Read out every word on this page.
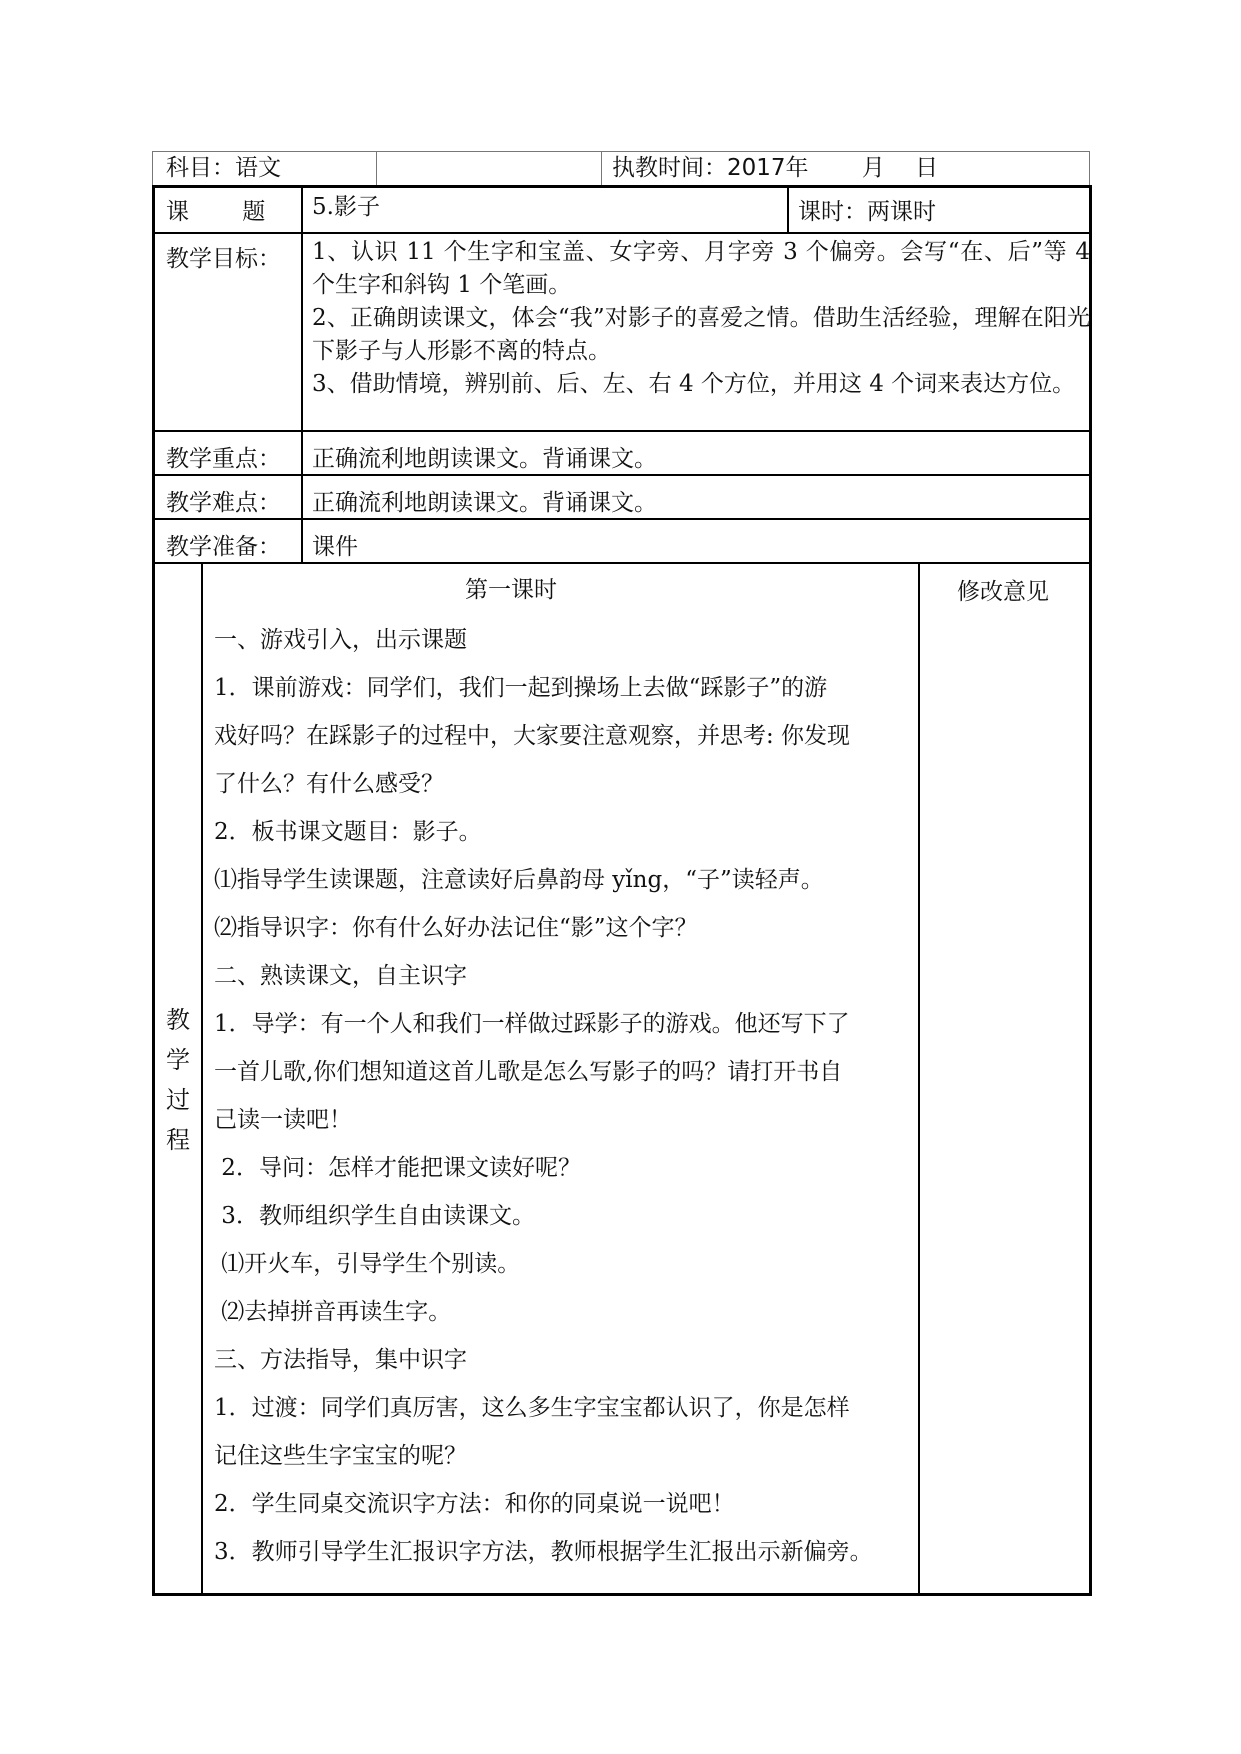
科目：语文	执教时间：2017年 　　月 　日
课 　　题 5.影子	课时：两课时
教学目标： 1、认识 11 个生字和宝盖、女字旁、月字旁 3 个偏旁。会写“在、后”等 4 个生字和斜钩 1 个笔画。
2、正确朗读课文，体会“我”对影子的喜爱之情。借助生活经验，理解在阳光下影子与人形影不离的特点。
3、借助情境，辨别前、后、左、右 4 个方位，并用这 4 个词来表达方位。
教学重点： 正确流利地朗读课文。背诵课文。
教学难点： 正确流利地朗读课文。背诵课文。
教学准备： 课件
教
学
过
程
第一课时	修改意见
一、游戏引入，出示课题
1．课前游戏：同学们，我们一起到操场上去做“踩影子”的游
戏好吗？在踩影子的过程中，大家要注意观察，并思考: 你发现
了什么？有什么感受？
2．板书课文题目：影子。
⑴指导学生读课题，注意读好后鼻韵母 yǐng，“子”读轻声。
⑵指导识字：你有什么好办法记住“影”这个字？
二、熟读课文，自主识字
1．导学：有一个人和我们一样做过踩影子的游戏。他还写下了
一首儿歌,你们想知道这首儿歌是怎么写影子的吗？请打开书自
己读一读吧！
2．导问：怎样才能把课文读好呢？
3．教师组织学生自由读课文。
⑴开火车，引导学生个别读。
⑵去掉拼音再读生字。
三、方法指导，集中识字
1．过渡：同学们真厉害，这么多生字宝宝都认识了，你是怎样
记住这些生字宝宝的呢？
2．学生同桌交流识字方法：和你的同桌说一说吧！
3．教师引导学生汇报识字方法，教师根据学生汇报出示新偏旁。
